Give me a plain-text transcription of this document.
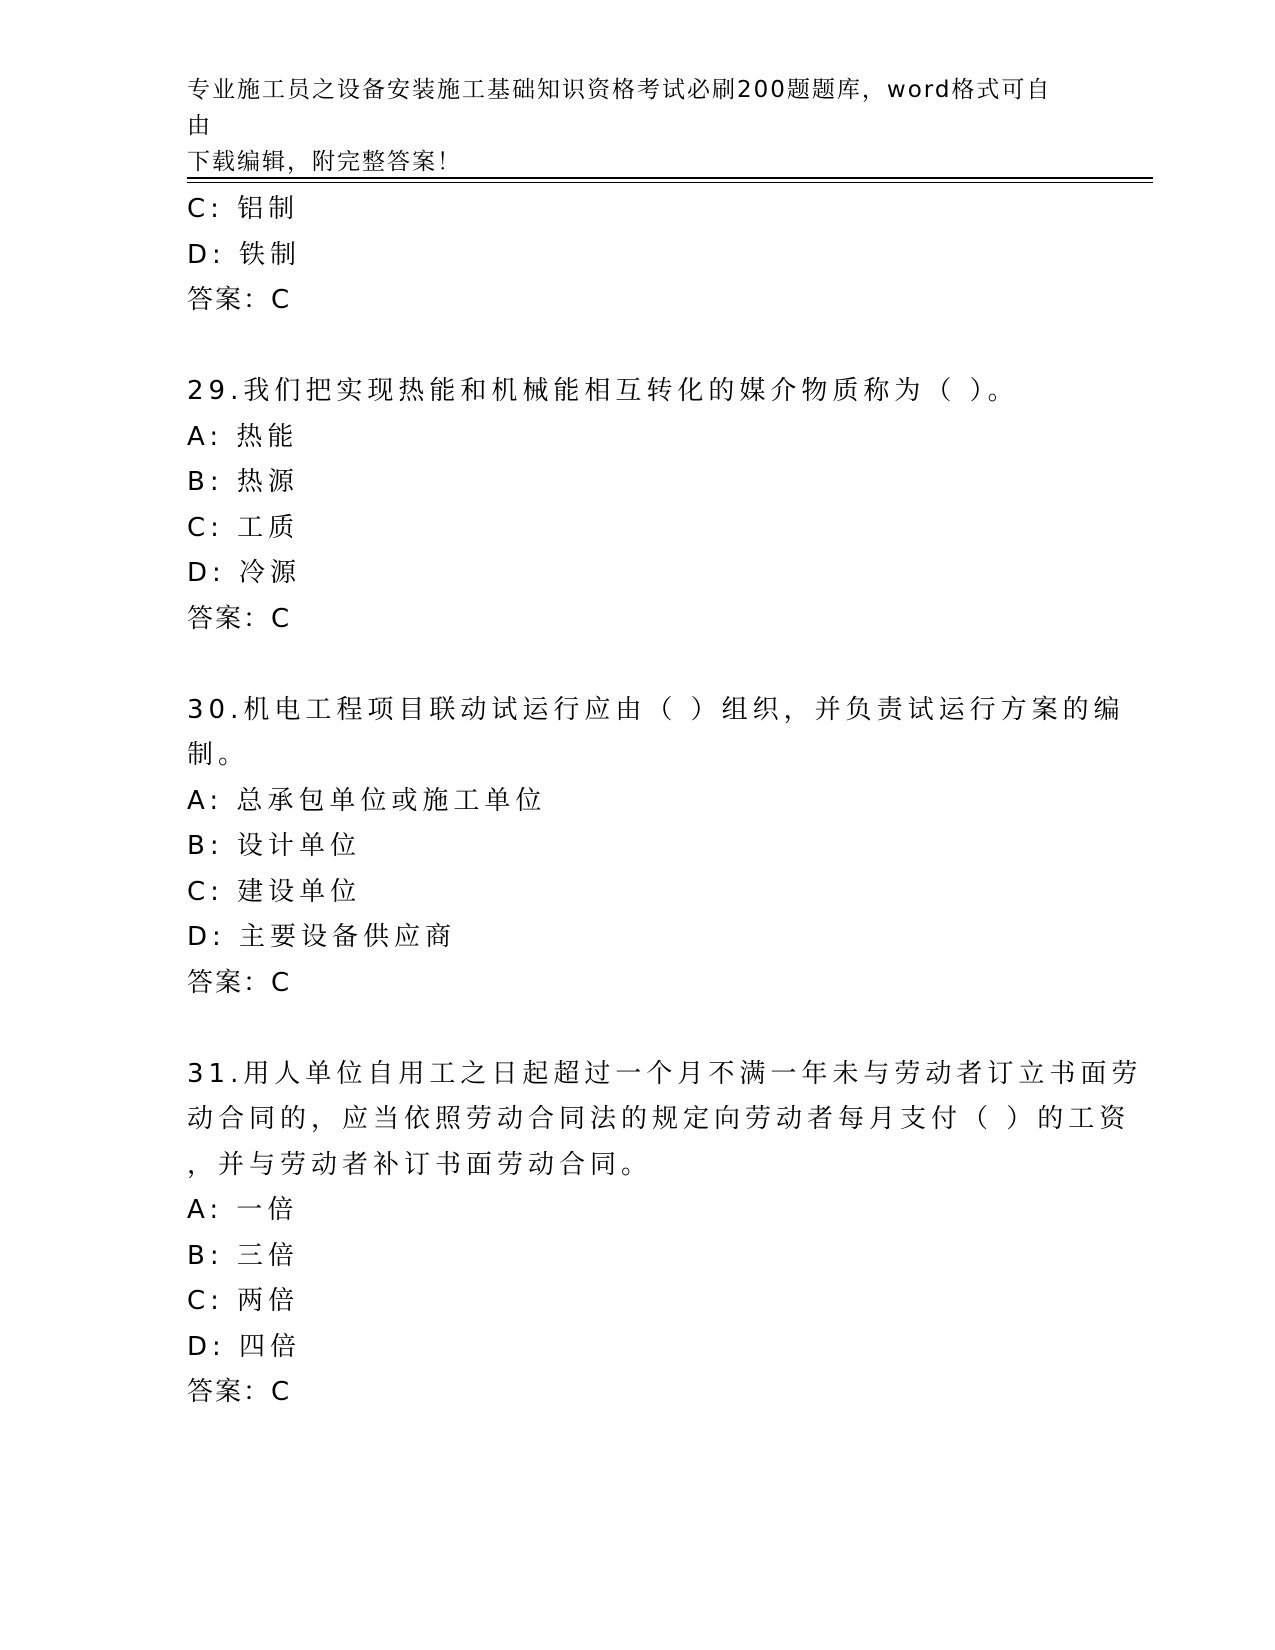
专业施工员之设备安装施工基础知识资格考试必刷200题题库，word格式可自由
下载编辑，附完整答案！
C: 铝制
D: 铁制
答案：C
29.我们把实现热能和机械能相互转化的媒介物质称为（ ）。
A: 热能
B: 热源
C: 工质
D: 冷源
答案：C
30.机电工程项目联动试运行应由（ ）组织，并负责试运行方案的编
制。
A: 总承包单位或施工单位
B: 设计单位
C: 建设单位
D: 主要设备供应商
答案：C
31.用人单位自用工之日起超过一个月不满一年未与劳动者订立书面劳
动合同的，应当依照劳动合同法的规定向劳动者每月支付（ ）的工资
，并与劳动者补订书面劳动合同。
A: 一倍
B: 三倍
C: 两倍
D: 四倍
答案：C
